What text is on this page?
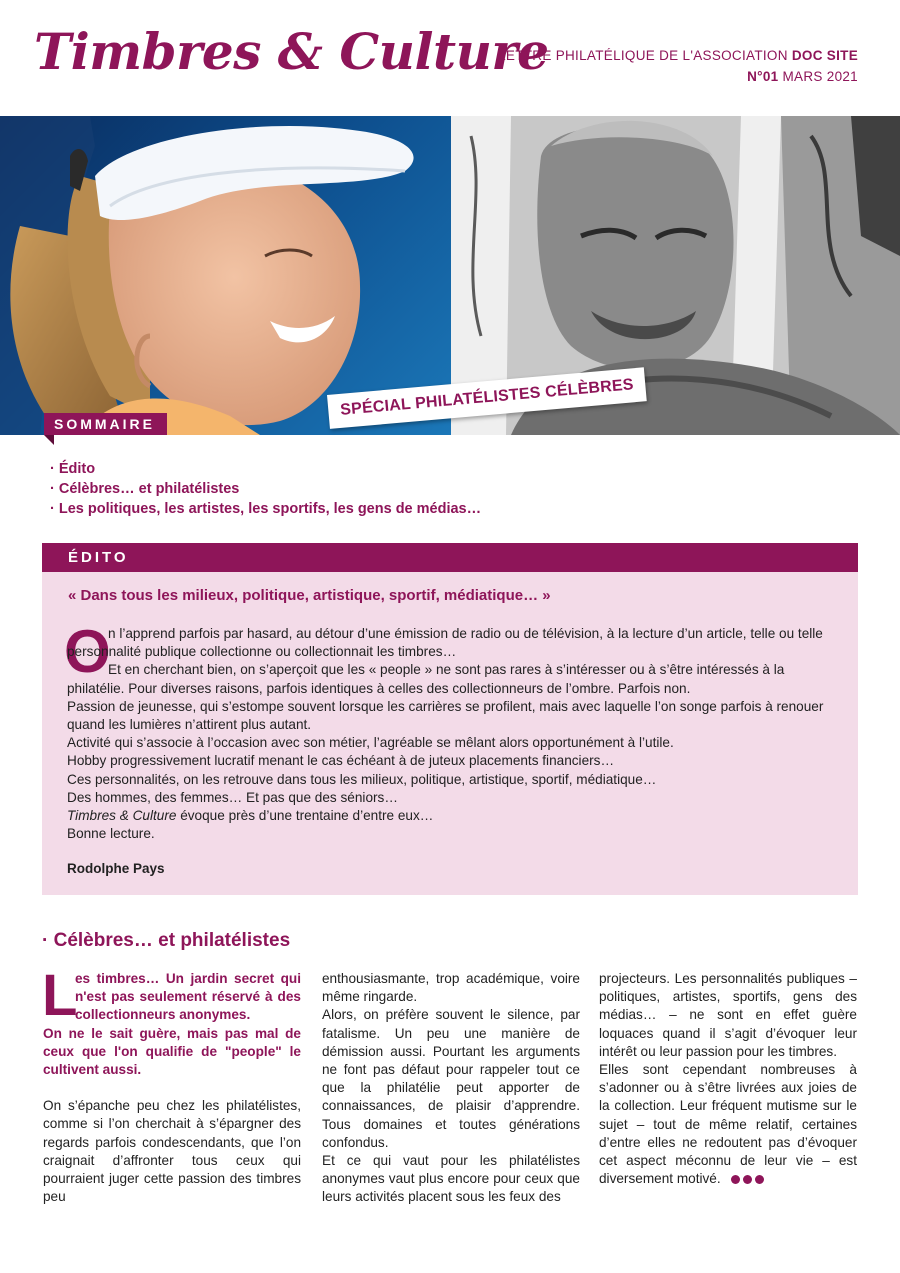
Timbres & Culture
LETTRE PHILATÉLIQUE DE L'ASSOCIATION DOC SITE
N°01 MARS 2021
SOMMAIRE
SPÉCIAL PHILATÉLISTES CÉLÈBRES
· Édito
· Célèbres… et philatélistes
· Les politiques, les artistes, les sportifs, les gens de médias…
ÉDITO
« Dans tous les milieux, politique, artistique, sportif, médiatique… »
O

n l’apprend parfois par hasard, au détour d’une émission de radio ou de télévision, à la lecture d’un article, telle ou telle personnalité publique collectionne ou collectionnait les timbres…

Et en cherchant bien, on s’aperçoit que les « people » ne sont pas rares à s’intéresser ou à s’être intéressés à la philatélie. Pour diverses raisons, parfois identiques à celles des collectionneurs de l’ombre. Parfois non.

Passion de jeunesse, qui s’estompe souvent lorsque les carrières se profilent, mais avec laquelle l’on songe parfois à renouer quand les lumières n’attirent plus autant.

Activité qui s’associe à l’occasion avec son métier, l’agréable se mêlant alors opportunément à l’utile.

Hobby progressivement lucratif menant le cas échéant à de juteux placements financiers…

Ces personnalités, on les retrouve dans tous les milieux, politique, artistique, sportif, médiatique…

Des hommes, des femmes… Et pas que des séniors…

Timbres & Culture évoque près d’une trentaine d’entre eux…

Bonne lecture.

Rodolphe Pays
· Célèbres… et philatélistes
L

es timbres… Un jardin secret qui n'est pas seulement réservé à des collectionneurs anonymes.

On ne le sait guère, mais pas mal de ceux que l'on qualifie de "people" le cultivent aussi.

On s’épanche peu chez les philatélistes, comme si l’on cherchait à s’épargner des regards parfois condescendants, que l’on craignait d’affronter tous ceux qui pourraient juger cette passion des timbres peu

enthousiasmante, trop académique, voire même ringarde.

Alors, on préfère souvent le silence, par fatalisme. Un peu une manière de démission aussi. Pourtant les arguments ne font pas défaut pour rappeler tout ce que la philatélie peut apporter de connaissances, de plaisir d’apprendre. Tous domaines et toutes générations confondus.

Et ce qui vaut pour les philatélistes anonymes vaut plus encore pour ceux que leurs activités placent sous les feux des

projecteurs. Les personnalités publiques – politiques, artistes, sportifs, gens des médias… – ne sont en effet guère loquaces quand il s’agit d’évoquer leur intérêt ou leur passion pour les timbres.

Elles sont cependant nombreuses à s’adonner ou à s’être livrées aux joies de la collection. Leur fréquent mutisme sur le sujet – tout de même relatif, certaines d’entre elles ne redoutent pas d’évoquer cet aspect méconnu de leur vie – est diversement motivé.
